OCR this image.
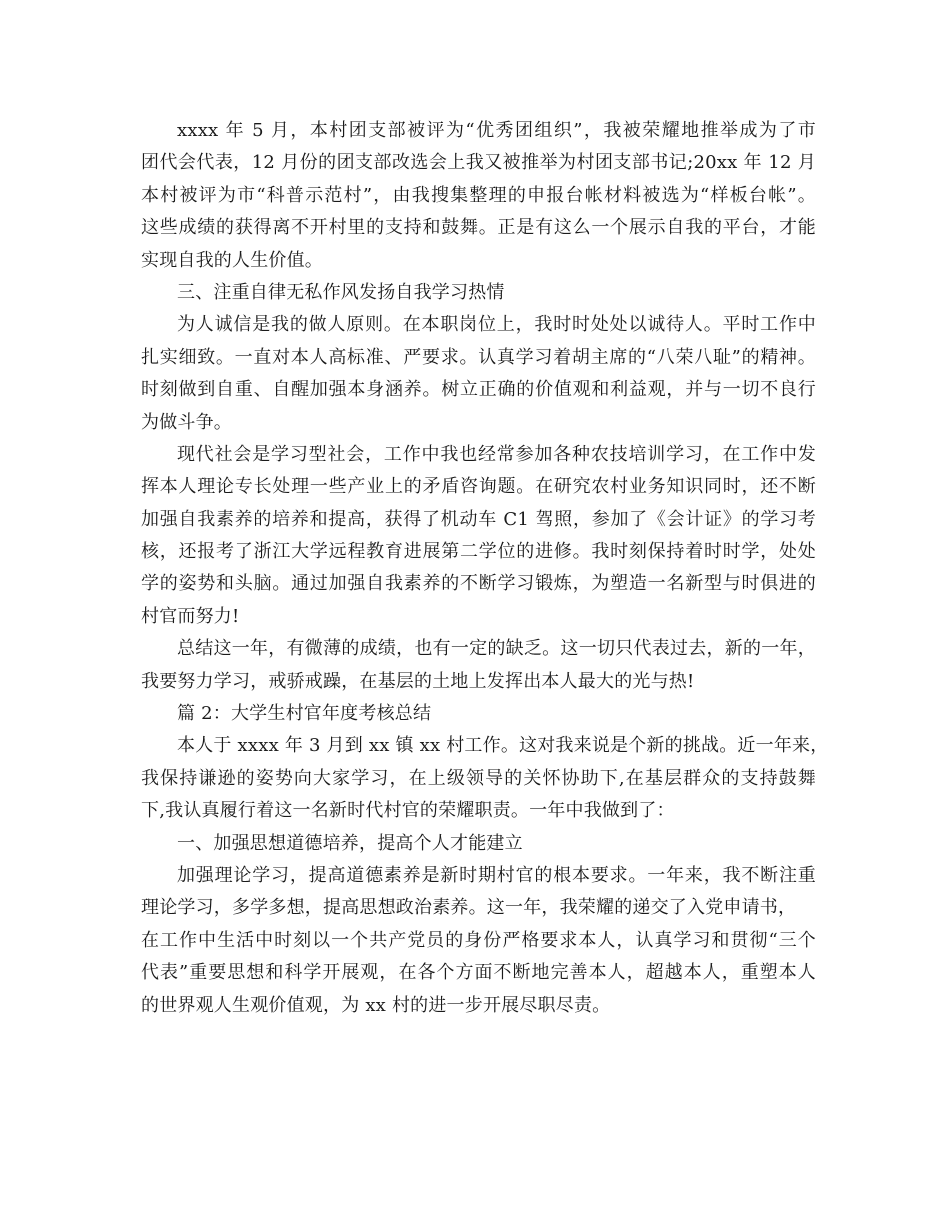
xxxx 年 5 月，本村团支部被评为“优秀团组织”，我被荣耀地推举成为了市
团代会代表，12 月份的团支部改选会上我又被推举为村团支部书记;20xx 年 12 月
本村被评为市“科普示范村”，由我搜集整理的申报台帐材料被选为“样板台帐”。
这些成绩的获得离不开村里的支持和鼓舞。正是有这么一个展示自我的平台，才能
实现自我的人生价值。
三、注重自律无私作风发扬自我学习热情
为人诚信是我的做人原则。在本职岗位上，我时时处处以诚待人。平时工作中
扎实细致。一直对本人高标准、严要求。认真学习着胡主席的“八荣八耻”的精神。
时刻做到自重、自醒加强本身涵养。树立正确的价值观和利益观，并与一切不良行
为做斗争。
现代社会是学习型社会，工作中我也经常参加各种农技培训学习，在工作中发
挥本人理论专长处理一些产业上的矛盾咨询题。在研究农村业务知识同时，还不断
加强自我素养的培养和提高，获得了机动车 C1 驾照，参加了《会计证》的学习考
核，还报考了浙江大学远程教育进展第二学位的进修。我时刻保持着时时学，处处
学的姿势和头脑。通过加强自我素养的不断学习锻炼，为塑造一名新型与时俱进的
村官而努力!
总结这一年，有微薄的成绩，也有一定的缺乏。这一切只代表过去，新的一年，
我要努力学习，戒骄戒躁，在基层的土地上发挥出本人最大的光与热!
篇 2：大学生村官年度考核总结
本人于 xxxx 年 3 月到 xx 镇 xx 村工作。这对我来说是个新的挑战。近一年来，
我保持谦逊的姿势向大家学习，在上级领导的关怀协助下,在基层群众的支持鼓舞
下,我认真履行着这一名新时代村官的荣耀职责。一年中我做到了：
一、加强思想道德培养，提高个人才能建立
加强理论学习，提高道德素养是新时期村官的根本要求。一年来，我不断注重
理论学习，多学多想，提高思想政治素养。这一年，我荣耀的递交了入党申请书，
在工作中生活中时刻以一个共产党员的身份严格要求本人，认真学习和贯彻“三个
代表”重要思想和科学开展观，在各个方面不断地完善本人，超越本人，重塑本人
的世界观人生观价值观，为 xx 村的进一步开展尽职尽责。
